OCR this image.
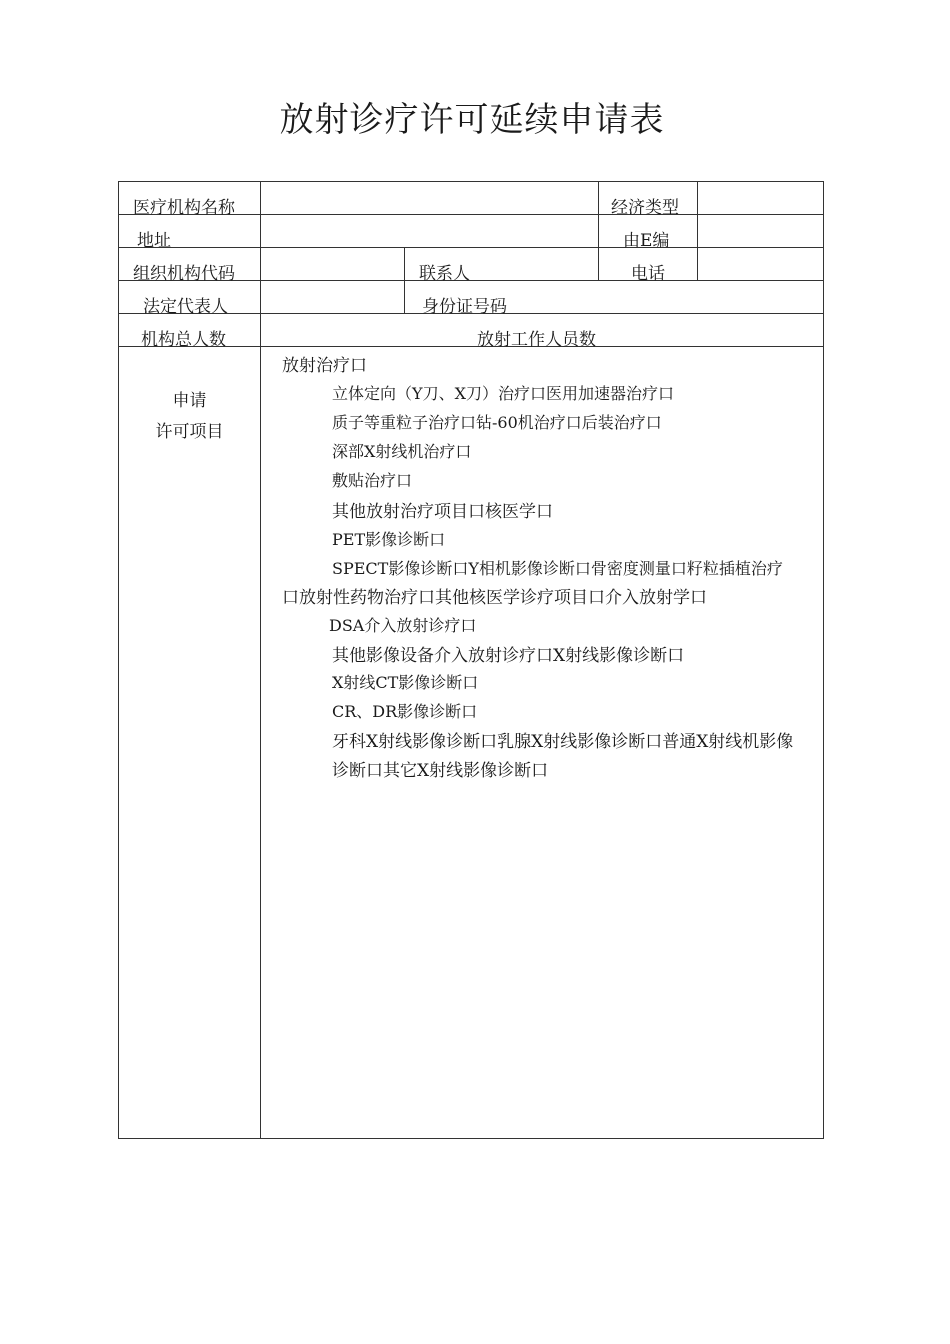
放射诊疗许可延续申请表
医疗机构名称	经济类型
地址	由E编
组织机构代码	联系人	电话
法定代表人	身份证号码
机构总人数	放射工作人员数
申请
许可项目
放射治疗口
立体定向（Y刀、X刀）治疗口医用加速器治疗口
质子等重粒子治疗口钻-60机治疗口后装治疗口
深部X射线机治疗口
敷贴治疗口
其他放射治疗项目口核医学口
PET影像诊断口
SPECT影像诊断口Y相机影像诊断口骨密度测量口籽粒插植治疗
口放射性药物治疗口其他核医学诊疗项目口介入放射学口
DSA介入放射诊疗口
其他影像设备介入放射诊疗口X射线影像诊断口
X射线CT影像诊断口
CR、DR影像诊断口
牙科X射线影像诊断口乳腺X射线影像诊断口普通X射线机影像
诊断口其它X射线影像诊断口
